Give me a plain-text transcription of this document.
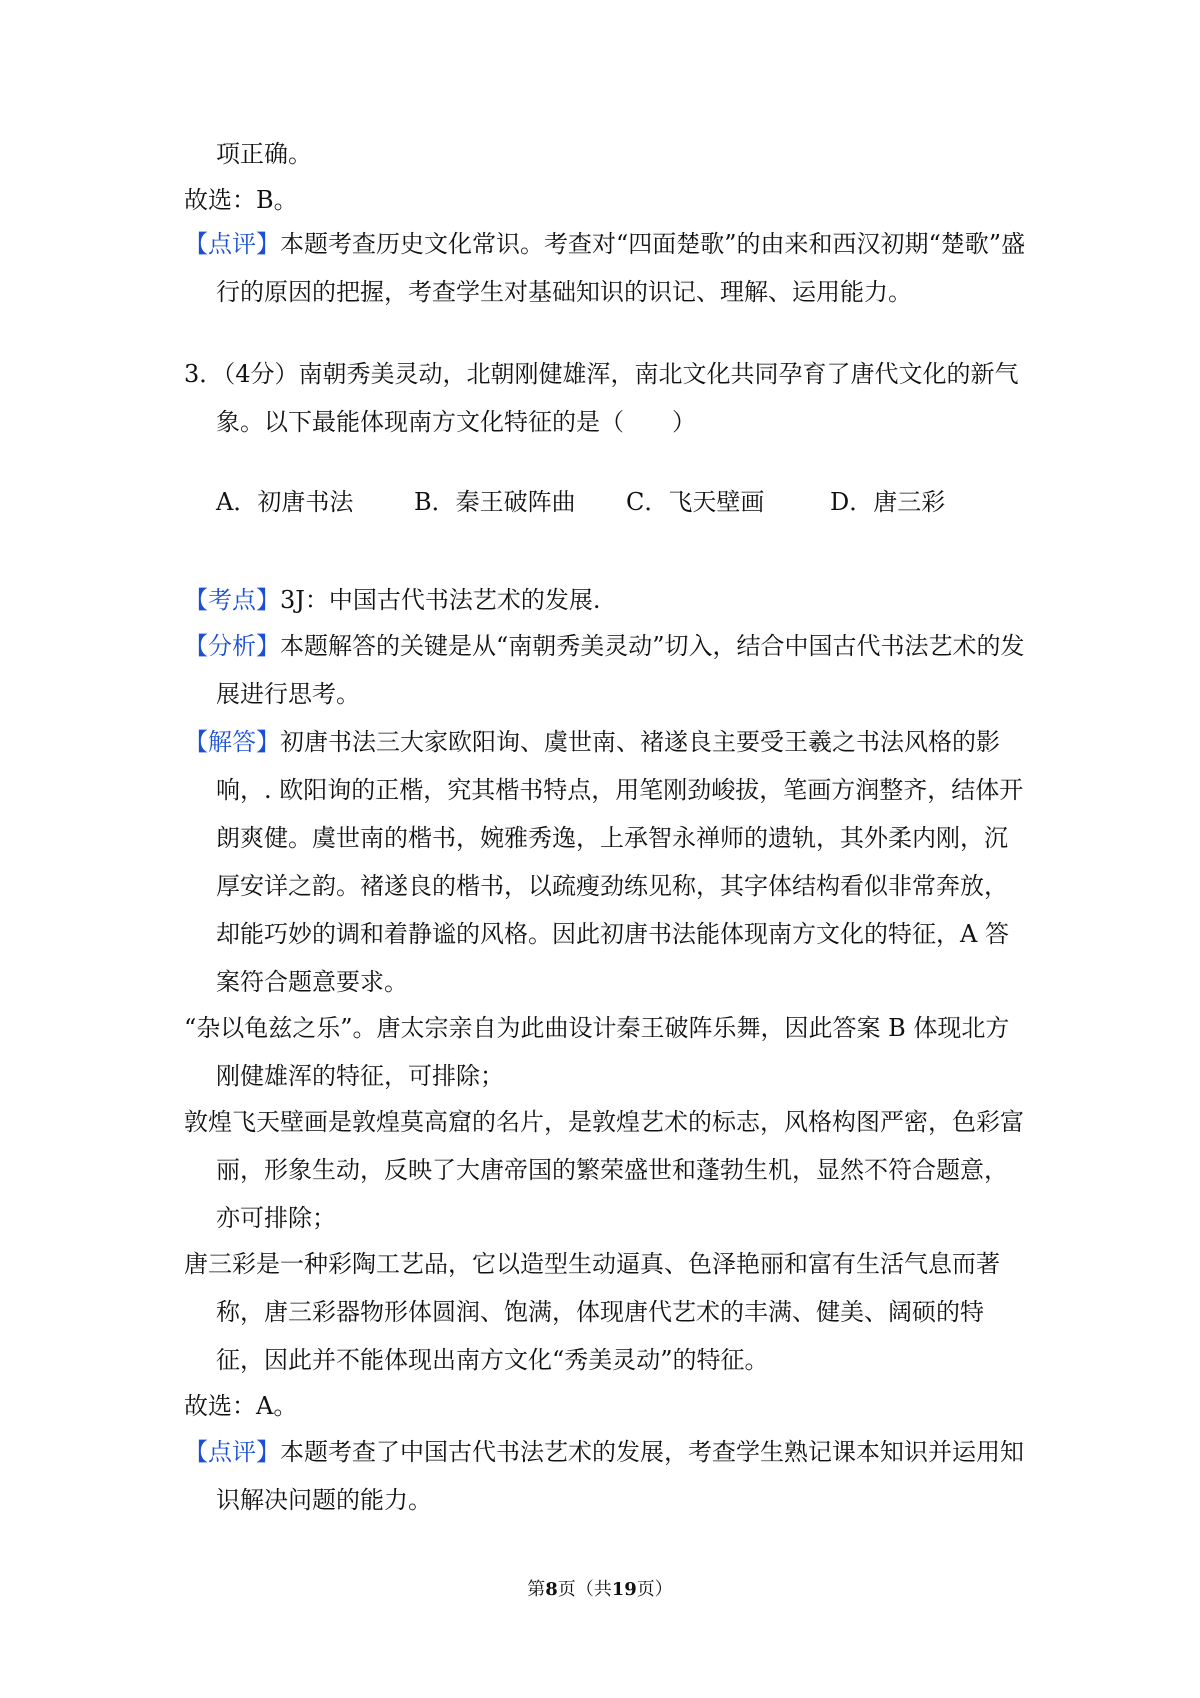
项正确。

故选：B。

【点评】本题考查历史文化常识。考查对“四面楚歌”的由来和西汉初期“楚歌”盛行的原因的把握，考查学生对基础知识的识记、理解、运用能力。

3．（4分）南朝秀美灵动，北朝刚健雄浑，南北文化共同孕育了唐代文化的新气象。以下最能体现南方文化特征的是（　　）

A．初唐书法	B．秦王破阵曲 C．飞天壁画	D．唐三彩

【考点】3J：中国古代书法艺术的发展.

【分析】本题解答的关键是从“南朝秀美灵动”切入，结合中国古代书法艺术的发展进行思考。

【解答】初唐书法三大家欧阳询、虞世南、褚遂良主要受王羲之书法风格的影响，. 欧阳询的正楷，究其楷书特点，用笔刚劲峻拔，笔画方润整齐，结体开朗爽健。虞世南的楷书，婉雅秀逸，上承智永禅师的遗轨，其外柔内刚，沉厚安详之韵。褚遂良的楷书，以疏瘦劲练见称，其字体结构看似非常奔放，却能巧妙的调和着静谧的风格。因此初唐书法能体现南方文化的特征，A 答案符合题意要求。

“杂以龟兹之乐”。唐太宗亲自为此曲设计秦王破阵乐舞，因此答案 B 体现北方刚健雄浑的特征，可排除；

敦煌飞天壁画是敦煌莫高窟的名片，是敦煌艺术的标志，风格构图严密，色彩富丽，形象生动，反映了大唐帝国的繁荣盛世和蓬勃生机，显然不符合题意，亦可排除；

唐三彩是一种彩陶工艺品，它以造型生动逼真、色泽艳丽和富有生活气息而著称，唐三彩器物形体圆润、饱满，体现唐代艺术的丰满、健美、阔硕的特征，因此并不能体现出南方文化“秀美灵动”的特征。

故选：A。

【点评】本题考查了中国古代书法艺术的发展，考查学生熟记课本知识并运用知识解决问题的能力。

第8页（共19页）
